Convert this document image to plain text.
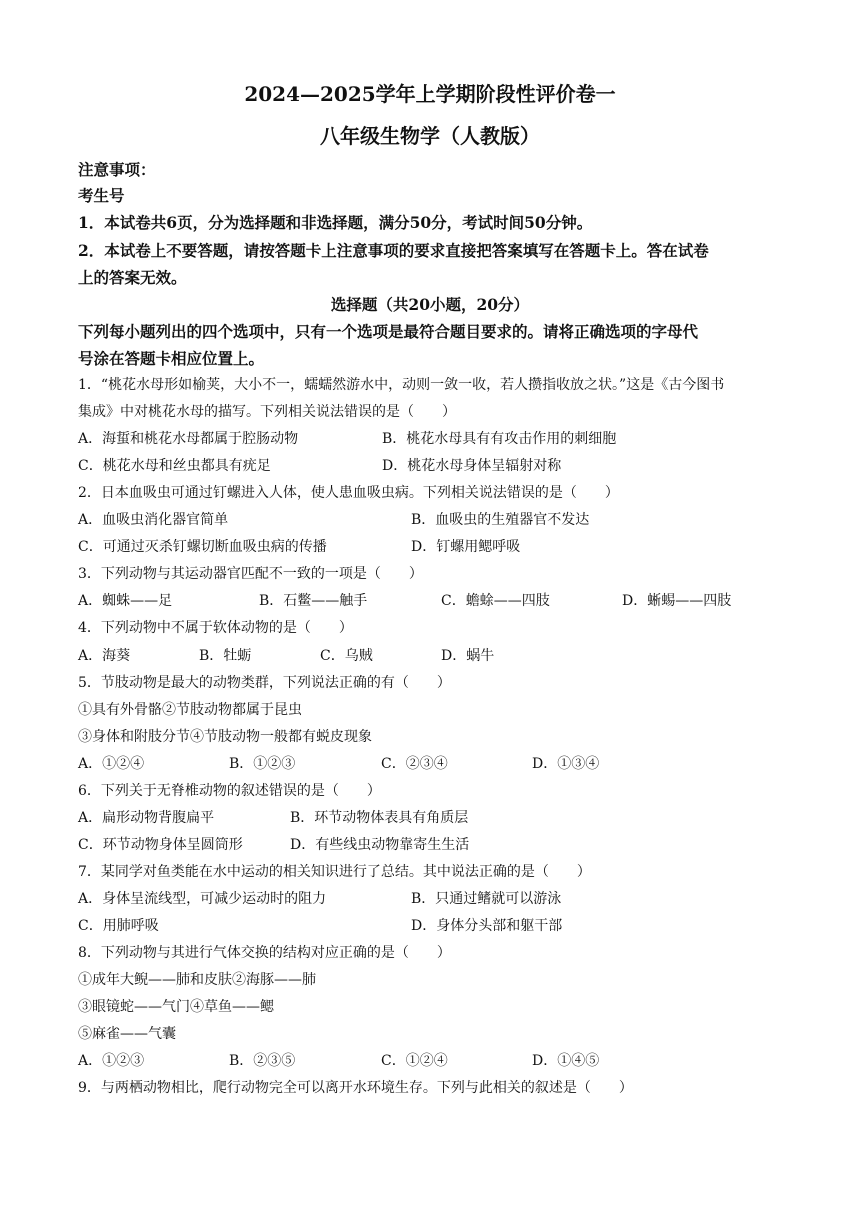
2024—2025学年上学期阶段性评价卷一
八年级生物学（人教版）
注意事项：
考生号
1．本试卷共6页，分为选择题和非选择题，满分50分，考试时间50分钟。
2．本试卷上不要答题，请按答题卡上注意事项的要求直接把答案填写在答题卡上。答在试卷
上的答案无效。
选择题（共20小题，20分）
下列每小题列出的四个选项中，只有一个选项是最符合题目要求的。请将正确选项的字母代
号涂在答题卡相应位置上。
1．“桃花水母形如榆荚，大小不一，蠕蠕然游水中，动则一敛一收，若人攒指收放之状。”这是《古今图书
集成》中对桃花水母的描写。下列相关说法错误的是（　　）
A．海蜇和桃花水母都属于腔肠动物	B．桃花水母具有有攻击作用的刺细胞
C．桃花水母和丝虫都具有疣足	D．桃花水母身体呈辐射对称
2．日本血吸虫可通过钉螺进入人体，使人患血吸虫病。下列相关说法错误的是（　　）
A．血吸虫消化器官简单	B．血吸虫的生殖器官不发达
C．可通过灭杀钉螺切断血吸虫病的传播	D．钉螺用鳃呼吸
3．下列动物与其运动器官匹配不一致的一项是（　　）
A．蜘蛛——足	B．石鳖——触手	C．蟾蜍——四肢	D．蜥蜴——四肢
4．下列动物中不属于软体动物的是（　　）
A．海葵	B．牡蛎	C．乌贼	D．蜗牛
5．节肢动物是最大的动物类群，下列说法正确的有（　　）
①具有外骨骼②节肢动物都属于昆虫
③身体和附肢分节④节肢动物一般都有蜕皮现象
A．①②④	B．①②③	C．②③④	D．①③④
6．下列关于无脊椎动物的叙述错误的是（　　）
A．扁形动物背腹扁平	B．环节动物体表具有角质层
C．环节动物身体呈圆筒形	D．有些线虫动物靠寄生生活
7．某同学对鱼类能在水中运动的相关知识进行了总结。其中说法正确的是（　　）
A．身体呈流线型，可减少运动时的阻力	B．只通过鳍就可以游泳
C．用肺呼吸	D．身体分头部和躯干部
8．下列动物与其进行气体交换的结构对应正确的是（　　）
①成年大鲵——肺和皮肤②海豚——肺
③眼镜蛇——气门④草鱼——鳃
⑤麻雀——气囊
A．①②③	B．②③⑤	C．①②④	D．①④⑤
9．与两栖动物相比，爬行动物完全可以离开水环境生存。下列与此相关的叙述是（　　）
